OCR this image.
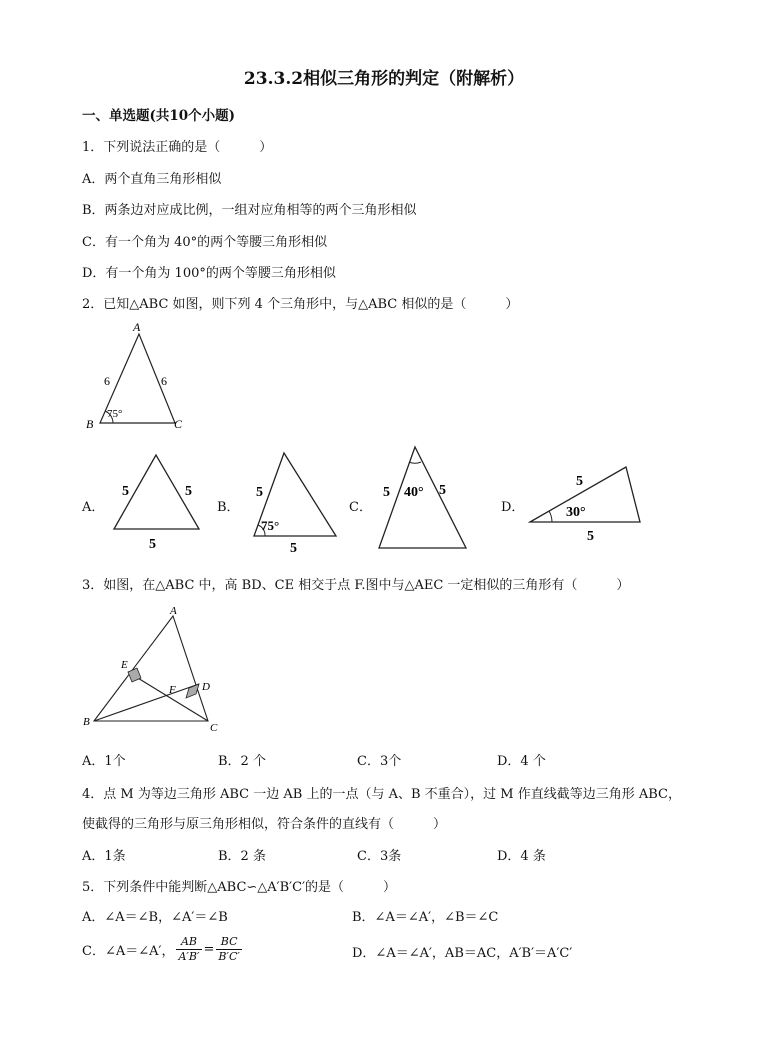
23.3.2相似三角形的判定（附解析）
一、单选题(共10个小题)
1．下列说法正确的是（　　　）
A．两个直角三角形相似
B．两条边对应成比例，一组对应角相等的两个三角形相似
C．有一个角为 40°的两个等腰三角形相似
D．有一个角为 100°的两个等腰三角形相似
2．已知△ABC 如图，则下列 4 个三角形中，与△ABC 相似的是（　　　）
A
B	C
6	6
75°
A．
5	5
5
B．
5
5
75°
C．
5	5
40°
D．
5
5
30°
3．如图，在△ABC 中，高 BD、CE 相交于点 F.图中与△AEC 一定相似的三角形有（　　　）
A
B	C
D
E
F
A．1个	B．2 个	C．3个	D．4 个
4．点 M 为等边三角形 ABC 一边 AB 上的一点（与 A、B 不重合），过 M 作直线截等边三角形 ABC，
使截得的三角形与原三角形相似，符合条件的直线有（　　　）
A．1条	B．2 条	C．3条	D．4 条
5．下列条件中能判断△ABC∽△A′B′C′的是（　　　）
A．∠A＝∠B，∠A′＝∠B	B．∠A＝∠A′，∠B＝∠C
C．∠A＝∠A′， $\frac{AB}{A'B'} = \frac{BC}{B'C'}$	D．∠A＝∠A′，AB＝AC，A′B′＝A′C′
